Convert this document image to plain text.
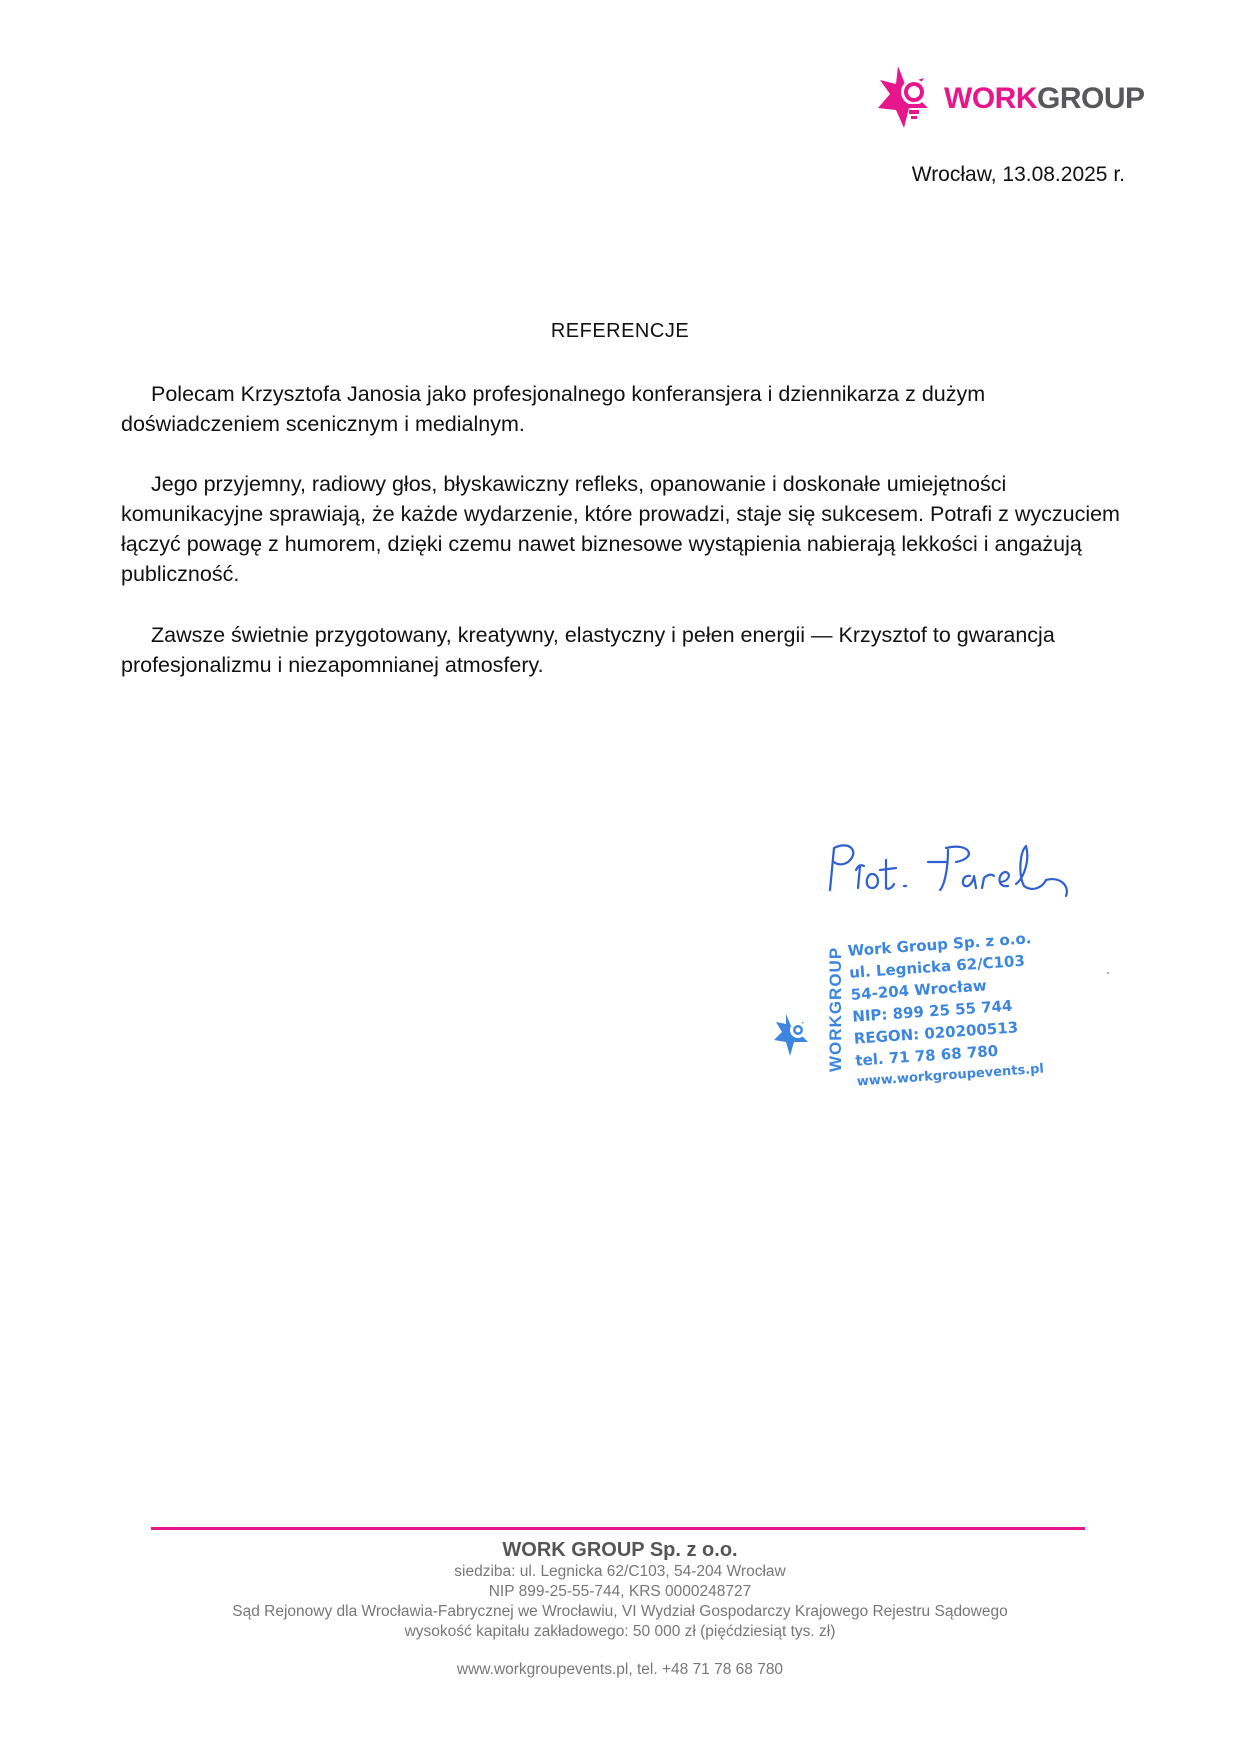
WORKGROUP
Wrocław, 13.08.2025 r.
REFERENCJE

Polecam Krzysztofa Janosia jako profesjonalnego konferansjera i dziennikarza z dużym doświadczeniem scenicznym i medialnym.

Jego przyjemny, radiowy głos, błyskawiczny refleks, opanowanie i doskonałe umiejętności komunikacyjne sprawiają, że każde wydarzenie, które prowadzi, staje się sukcesem. Potrafi z wyczuciem łączyć powagę z humorem, dzięki czemu nawet biznesowe wystąpienia nabierają lekkości i angażują publiczność.

Zawsze świetnie przygotowany, kreatywny, elastyczny i pełen energii — Krzysztof to gwarancja profesjonalizmu i niezapomnianej atmosfery.

WORKGROUP
Work Group Sp. z o.o.
ul. Legnicka 62/C103
54-204 Wrocław
NIP: 899 25 55 744
REGON: 020200513
tel. 71 78 68 780
www.workgroupevents.pl
WORK GROUP Sp. z o.o.
siedziba: ul. Legnicka 62/C103, 54-204 Wrocław
NIP 899-25-55-744, KRS 0000248727
Sąd Rejonowy dla Wrocławia-Fabrycznej we Wrocławiu, VI Wydział Gospodarczy Krajowego Rejestru Sądowego
wysokość kapitału zakładowego: 50 000 zł (pięćdziesiąt tys. zł)
www.workgroupevents.pl, tel. +48 71 78 68 780
